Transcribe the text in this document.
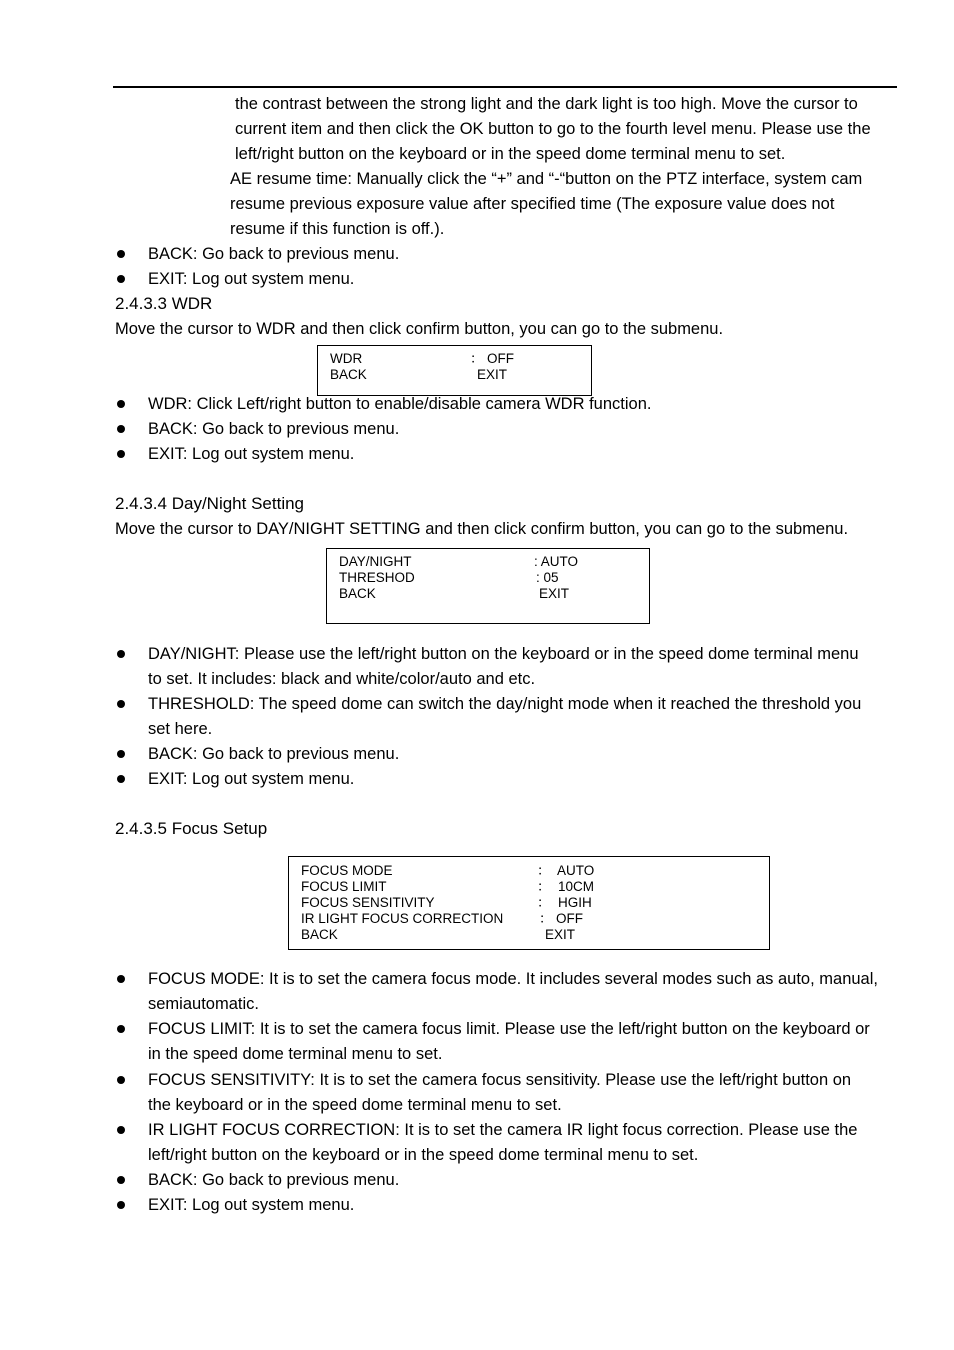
the contrast between the strong light and the dark light is too high. Move the cursor to
current item and then click the OK button to go to the fourth level menu. Please use the
left/right button on the keyboard or in the speed dome terminal menu to set.
AE resume time: Manually click the “+” and “-“button on the PTZ interface, system cam
resume previous exposure value after specified time (The exposure value does not
resume if this function is off.).
BACK: Go back to previous menu.
EXIT: Log out system menu.
2.4.3.3 WDR
Move the cursor to WDR and then click confirm button, you can go to the submenu.
WDR	： OFF
BACK	EXIT
WDR: Click Left/right button to enable/disable camera WDR function.
BACK: Go back to previous menu.
EXIT: Log out system menu.
2.4.3.4 Day/Night Setting
Move the cursor to DAY/NIGHT SETTING and then click confirm button, you can go to the submenu.
DAY/NIGHT	: AUTO
THRESHOD	: 05
BACK	EXIT
DAY/NIGHT: Please use the left/right button on the keyboard or in the speed dome terminal menu
to set. It includes: black and white/color/auto and etc.
THRESHOLD: The speed dome can switch the day/night mode when it reached the threshold you
set here.
BACK: Go back to previous menu.
EXIT: Log out system menu.
2.4.3.5 Focus Setup
FOCUS MODE	： AUTO
FOCUS LIMIT	： 10CM
FOCUS SENSITIVITY	： HGIH
IR LIGHT FOCUS CORRECTION	： OFF
BACK	EXIT
FOCUS MODE: It is to set the camera focus mode. It includes several modes such as auto, manual,
semiautomatic.
FOCUS LIMIT: It is to set the camera focus limit. Please use the left/right button on the keyboard or
in the speed dome terminal menu to set.
FOCUS SENSITIVITY: It is to set the camera focus sensitivity. Please use the left/right button on
the keyboard or in the speed dome terminal menu to set.
IR LIGHT FOCUS CORRECTION: It is to set the camera IR light focus correction. Please use the
left/right button on the keyboard or in the speed dome terminal menu to set.
BACK: Go back to previous menu.
EXIT: Log out system menu.
